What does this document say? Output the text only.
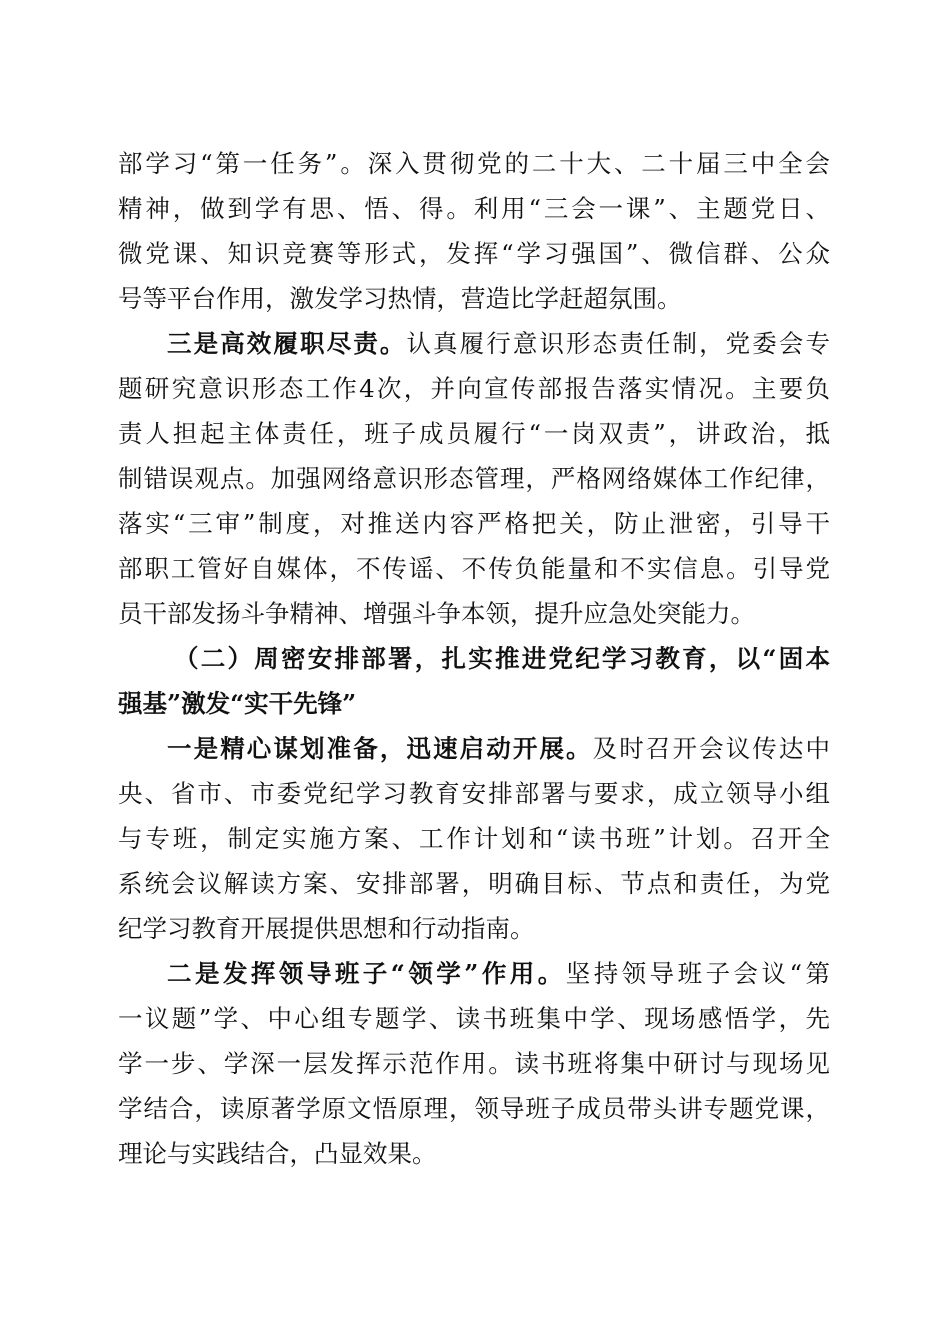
部学习“第一任务”。深入贯彻党的二十大、二十届三中全会
精神，做到学有思、悟、得。利用“三会一课”、主题党日、
微党课、知识竞赛等形式，发挥“学习强国”、微信群、公众
号等平台作用，激发学习热情，营造比学赶超氛围。
三是高效履职尽责。认真履行意识形态责任制，党委会专
题研究意识形态工作4次，并向宣传部报告落实情况。主要负
责人担起主体责任，班子成员履行“一岗双责”，讲政治，抵
制错误观点。加强网络意识形态管理，严格网络媒体工作纪律，
落实“三审”制度，对推送内容严格把关，防止泄密，引导干
部职工管好自媒体，不传谣、不传负能量和不实信息。引导党
员干部发扬斗争精神、增强斗争本领，提升应急处突能力。
（二）周密安排部署，扎实推进党纪学习教育，以“固本
强基”激发“实干先锋”
一是精心谋划准备，迅速启动开展。及时召开会议传达中
央、省市、市委党纪学习教育安排部署与要求，成立领导小组
与专班，制定实施方案、工作计划和“读书班”计划。召开全
系统会议解读方案、安排部署，明确目标、节点和责任，为党
纪学习教育开展提供思想和行动指南。
二是发挥领导班子“领学”作用。坚持领导班子会议“第
一议题”学、中心组专题学、读书班集中学、现场感悟学，先
学一步、学深一层发挥示范作用。读书班将集中研讨与现场见
学结合，读原著学原文悟原理，领导班子成员带头讲专题党课，
理论与实践结合，凸显效果。
